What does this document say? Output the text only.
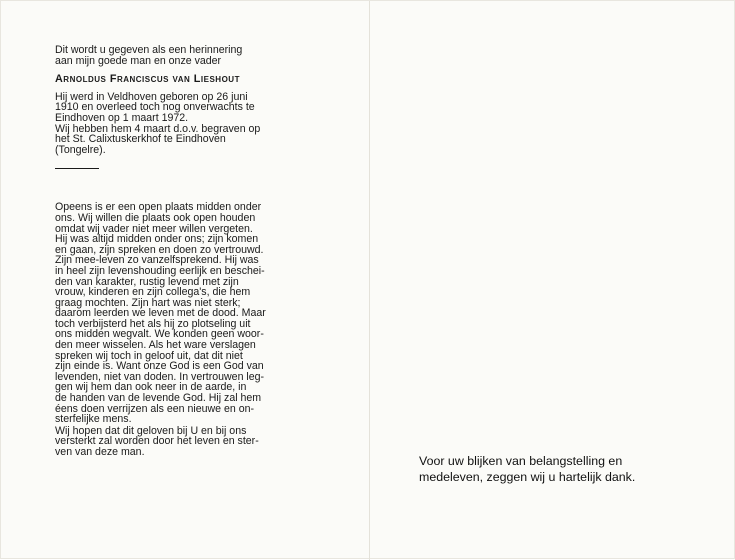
Dit wordt u gegeven als een herinnering
aan mijn goede man en onze vader

Arnoldus Franciscus van Lieshout

Hij werd in Veldhoven geboren op 26 juni
1910 en overleed toch nog onverwachts te
Eindhoven op 1 maart 1972.
Wij hebben hem 4 maart d.o.v. begraven op
het St. Calixtuskerkhof te Eindhoven
(Tongelre).

Opeens is er een open plaats midden onder
ons. Wij willen die plaats ook open houden
omdat wij vader niet meer willen vergeten.
Hij was altijd midden onder ons; zijn komen
en gaan, zijn spreken en doen zo vertrouwd.
Zijn mee-leven zo vanzelfsprekend. Hij was
in heel zijn levenshouding eerlijk en beschei-
den van karakter, rustig levend met zijn
vrouw, kinderen en zijn collega's, die hem
graag mochten. Zijn hart was niet sterk;
daarom leerden we leven met de dood. Maar
toch verbijsterd het als hij zo plotseling uit
ons midden wegvalt. We konden geen woor-
den meer wisselen. Als het ware verslagen
spreken wij toch in geloof uit, dat dit niet
zijn einde is. Want onze God is een God van
levenden, niet van doden. In vertrouwen leg-
gen wij hem dan ook neer in de aarde, in
de handen van de levende God. Hij zal hem
éens doen verrijzen als een nieuwe en on-
sterfelijke mens.

Wij hopen dat dit geloven bij U en bij ons
versterkt zal worden door het leven en ster-
ven van deze man.

Voor uw blijken van belangstelling en
medeleven, zeggen wij u hartelijk dank.
